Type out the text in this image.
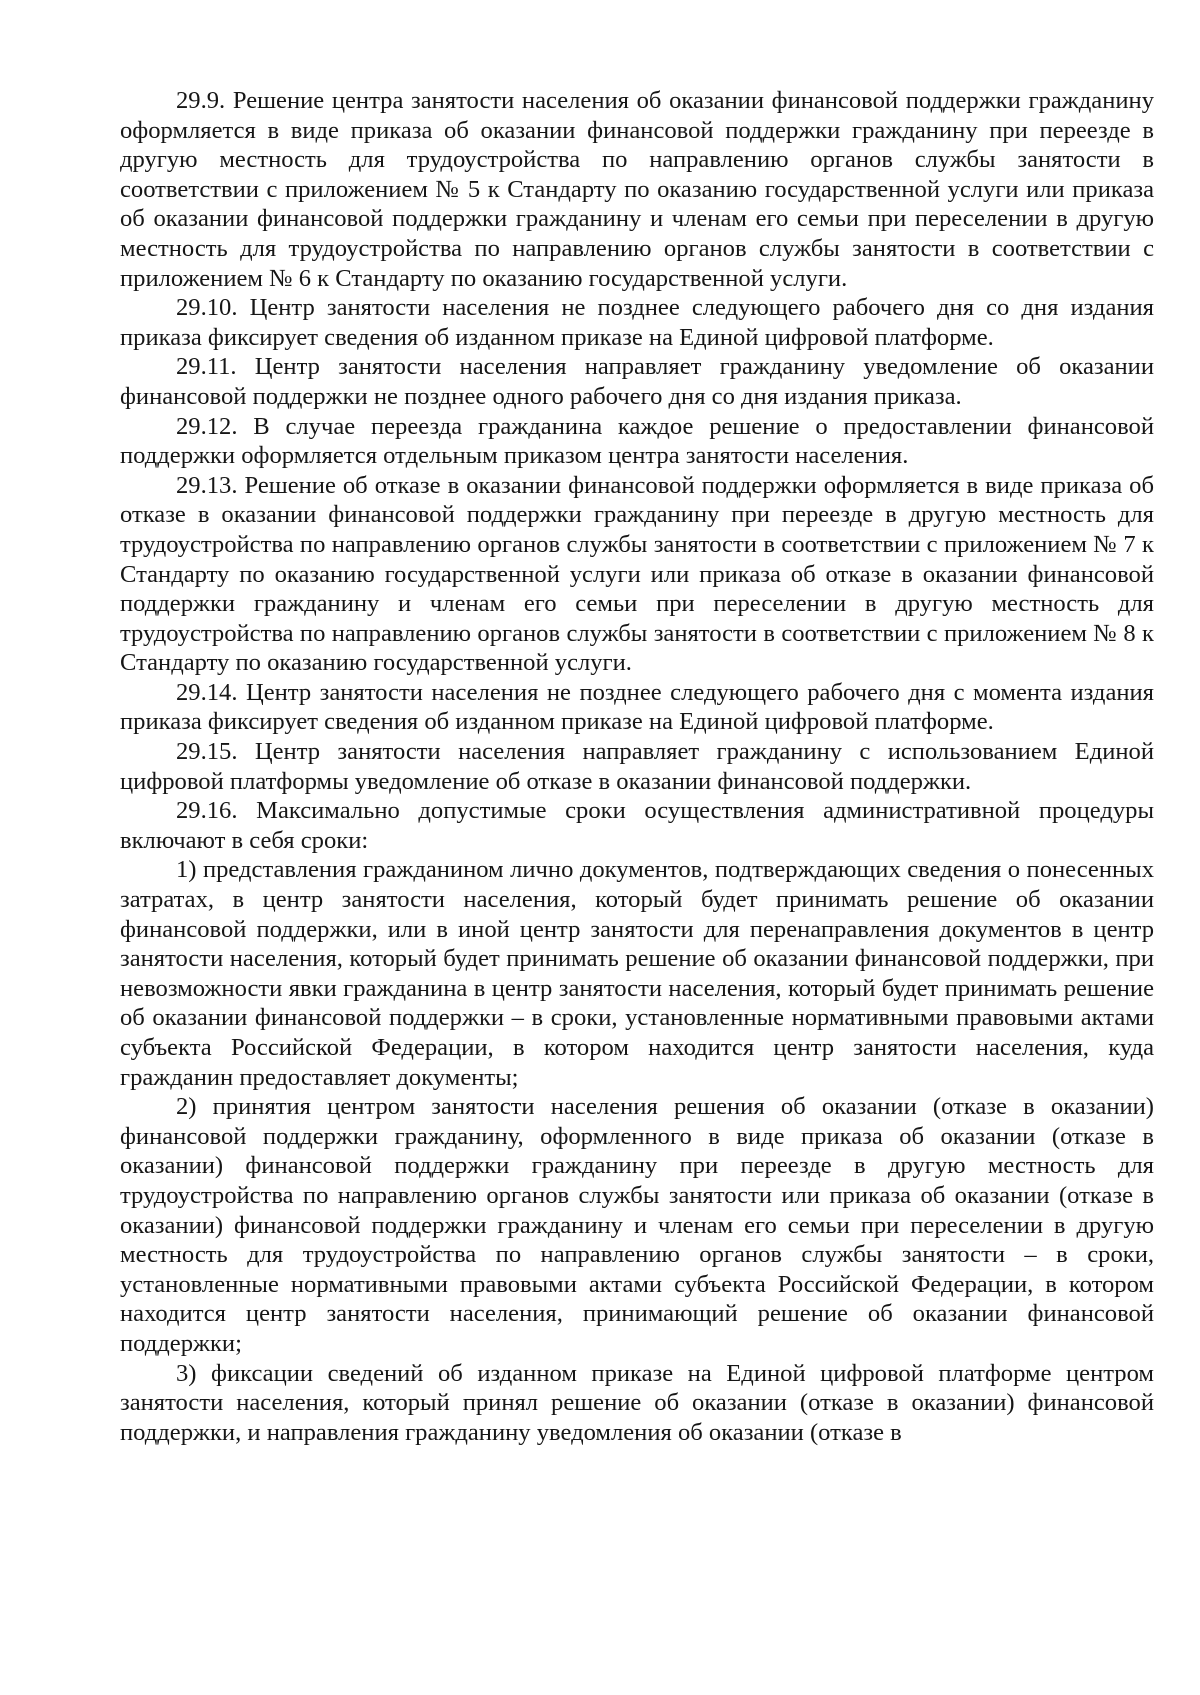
29.9. Решение центра занятости населения об оказании финансовой поддержки гражданину оформляется в виде приказа об оказании финансовой поддержки гражданину при переезде в другую местность для трудоустройства по направлению органов службы занятости в соответствии с приложением № 5 к Стандарту по оказанию государственной услуги или приказа об оказании финансовой поддержки гражданину и членам его семьи при переселении в другую местность для трудоустройства по направлению органов службы занятости в соответствии с приложением № 6 к Стандарту по оказанию государственной услуги.

29.10. Центр занятости населения не позднее следующего рабочего дня со дня издания приказа фиксирует сведения об изданном приказе на Единой цифровой платформе.

29.11. Центр занятости населения направляет гражданину уведомление об оказании финансовой поддержки не позднее одного рабочего дня со дня издания приказа.

29.12. В случае переезда гражданина каждое решение о предоставлении финансовой поддержки оформляется отдельным приказом центра занятости населения.

29.13. Решение об отказе в оказании финансовой поддержки оформляется в виде приказа об отказе в оказании финансовой поддержки гражданину при переезде в другую местность для трудоустройства по направлению органов службы занятости в соответствии с приложением № 7 к Стандарту по оказанию государственной услуги или приказа об отказе в оказании финансовой поддержки гражданину и членам его семьи при переселении в другую местность для трудоустройства по направлению органов службы занятости в соответствии с приложением № 8 к Стандарту по оказанию государственной услуги.

29.14. Центр занятости населения не позднее следующего рабочего дня с момента издания приказа фиксирует сведения об изданном приказе на Единой цифровой платформе.

29.15. Центр занятости населения направляет гражданину с использованием Единой цифровой платформы уведомление об отказе в оказании финансовой поддержки.

29.16. Максимально допустимые сроки осуществления административной процедуры включают в себя сроки:

1) представления гражданином лично документов, подтверждающих сведения о понесенных затратах, в центр занятости населения, который будет принимать решение об оказании финансовой поддержки, или в иной центр занятости для перенаправления документов в центр занятости населения, который будет принимать решение об оказании финансовой поддержки, при невозможности явки гражданина в центр занятости населения, который будет принимать решение об оказании финансовой поддержки – в сроки, установленные нормативными правовыми актами субъекта Российской Федерации, в котором находится центр занятости населения, куда гражданин предоставляет документы;

2) принятия центром занятости населения решения об оказании (отказе в оказании) финансовой поддержки гражданину, оформленного в виде приказа об оказании (отказе в оказании) финансовой поддержки гражданину при переезде в другую местность для трудоустройства по направлению органов службы занятости или приказа об оказании (отказе в оказании) финансовой поддержки гражданину и членам его семьи при переселении в другую местность для трудоустройства по направлению органов службы занятости – в сроки, установленные нормативными правовыми актами субъекта Российской Федерации, в котором находится центр занятости населения, принимающий решение об оказании финансовой поддержки;

3) фиксации сведений об изданном приказе на Единой цифровой платформе центром занятости населения, который принял решение об оказании (отказе в оказании) финансовой поддержки, и направления гражданину уведомления об оказании (отказе в
